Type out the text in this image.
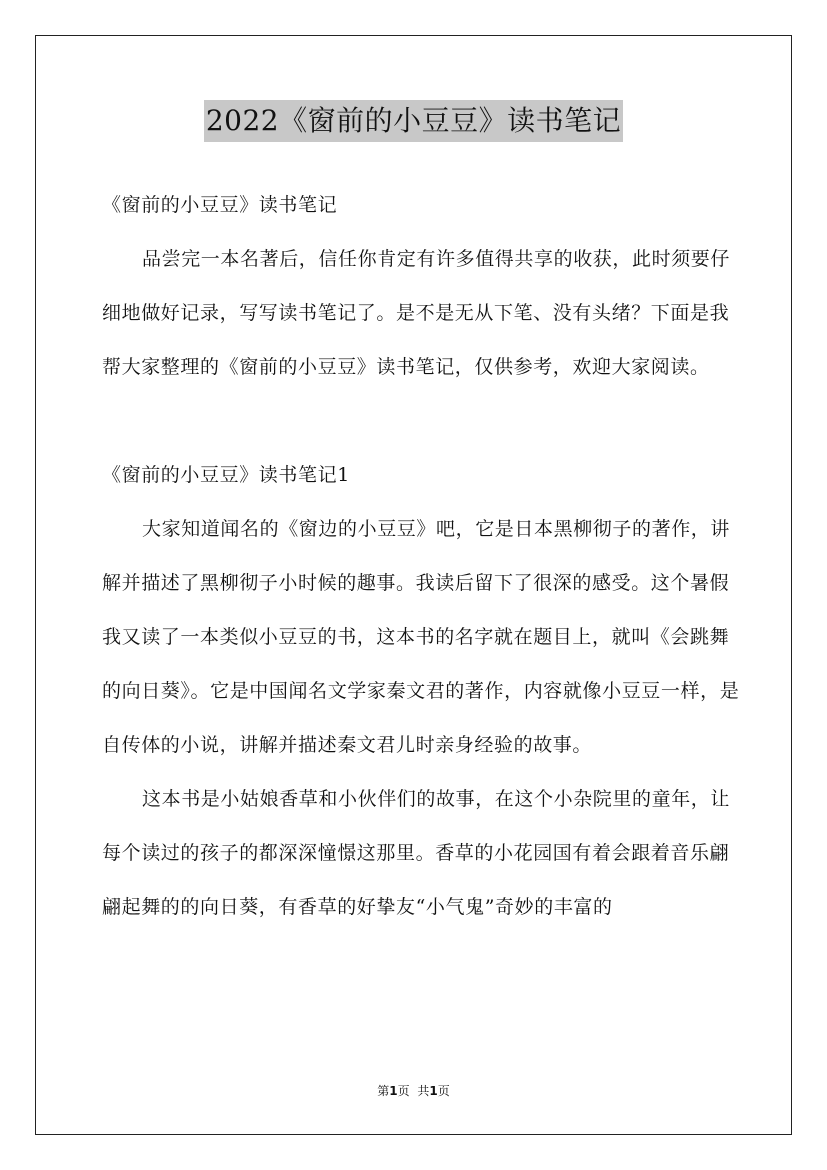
2022《窗前的小豆豆》读书笔记

《窗前的小豆豆》读书笔记

品尝完一本名著后，信任你肯定有许多值得共享的收获，此时须要仔细地做好记录，写写读书笔记了。是不是无从下笔、没有头绪？下面是我帮大家整理的《窗前的小豆豆》读书笔记，仅供参考，欢迎大家阅读。

《窗前的小豆豆》读书笔记1

大家知道闻名的《窗边的小豆豆》吧，它是日本黑柳彻子的著作，讲解并描述了黑柳彻子小时候的趣事。我读后留下了很深的感受。这个暑假我又读了一本类似小豆豆的书，这本书的名字就在题目上，就叫《会跳舞的向日葵》。它是中国闻名文学家秦文君的著作，内容就像小豆豆一样，是自传体的小说，讲解并描述秦文君儿时亲身经验的故事。

这本书是小姑娘香草和小伙伴们的故事，在这个小杂院里的童年，让每个读过的孩子的都深深憧憬这那里。香草的小花园国有着会跟着音乐翩翩起舞的的向日葵，有香草的好挚友“小气鬼”奇妙的丰富的

第1页 共1页
